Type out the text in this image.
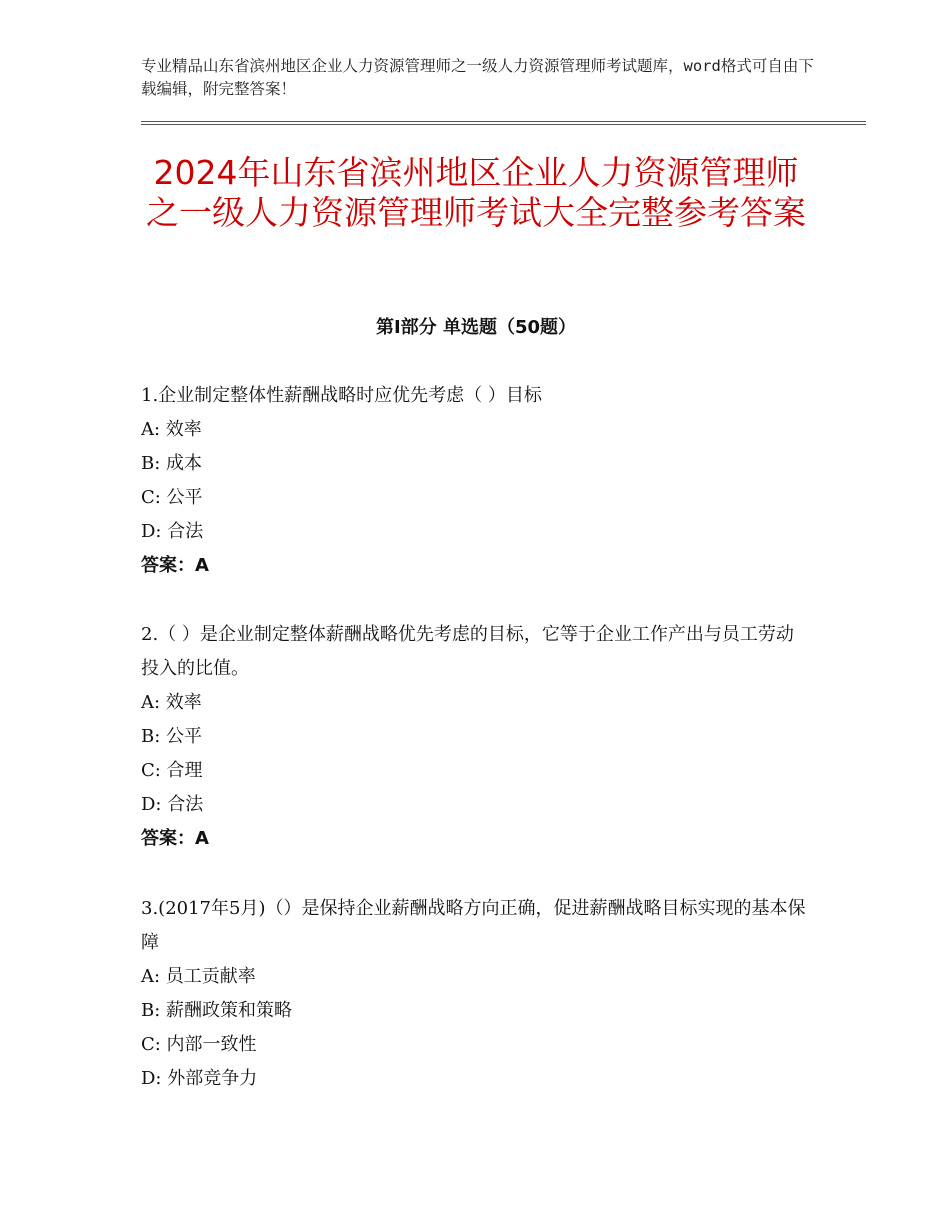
专业精品山东省滨州地区企业人力资源管理师之一级人力资源管理师考试题库，word格式可自由下载编辑，附完整答案！
2024年山东省滨州地区企业人力资源管理师之一级人力资源管理师考试大全完整参考答案
第Ⅰ部分 单选题（50题）
1.企业制定整体性薪酬战略时应优先考虑（ ）目标
A: 效率
B: 成本
C: 公平
D: 合法
答案：A
2.（ ）是企业制定整体薪酬战略优先考虑的目标，它等于企业工作产出与员工劳动投入的比值。
A: 效率
B: 公平
C: 合理
D: 合法
答案：A
3.(2017年5月)（）是保持企业薪酬战略方向正确，促进薪酬战略目标实现的基本保障
A: 员工贡献率
B: 薪酬政策和策略
C: 内部一致性
D: 外部竞争力
